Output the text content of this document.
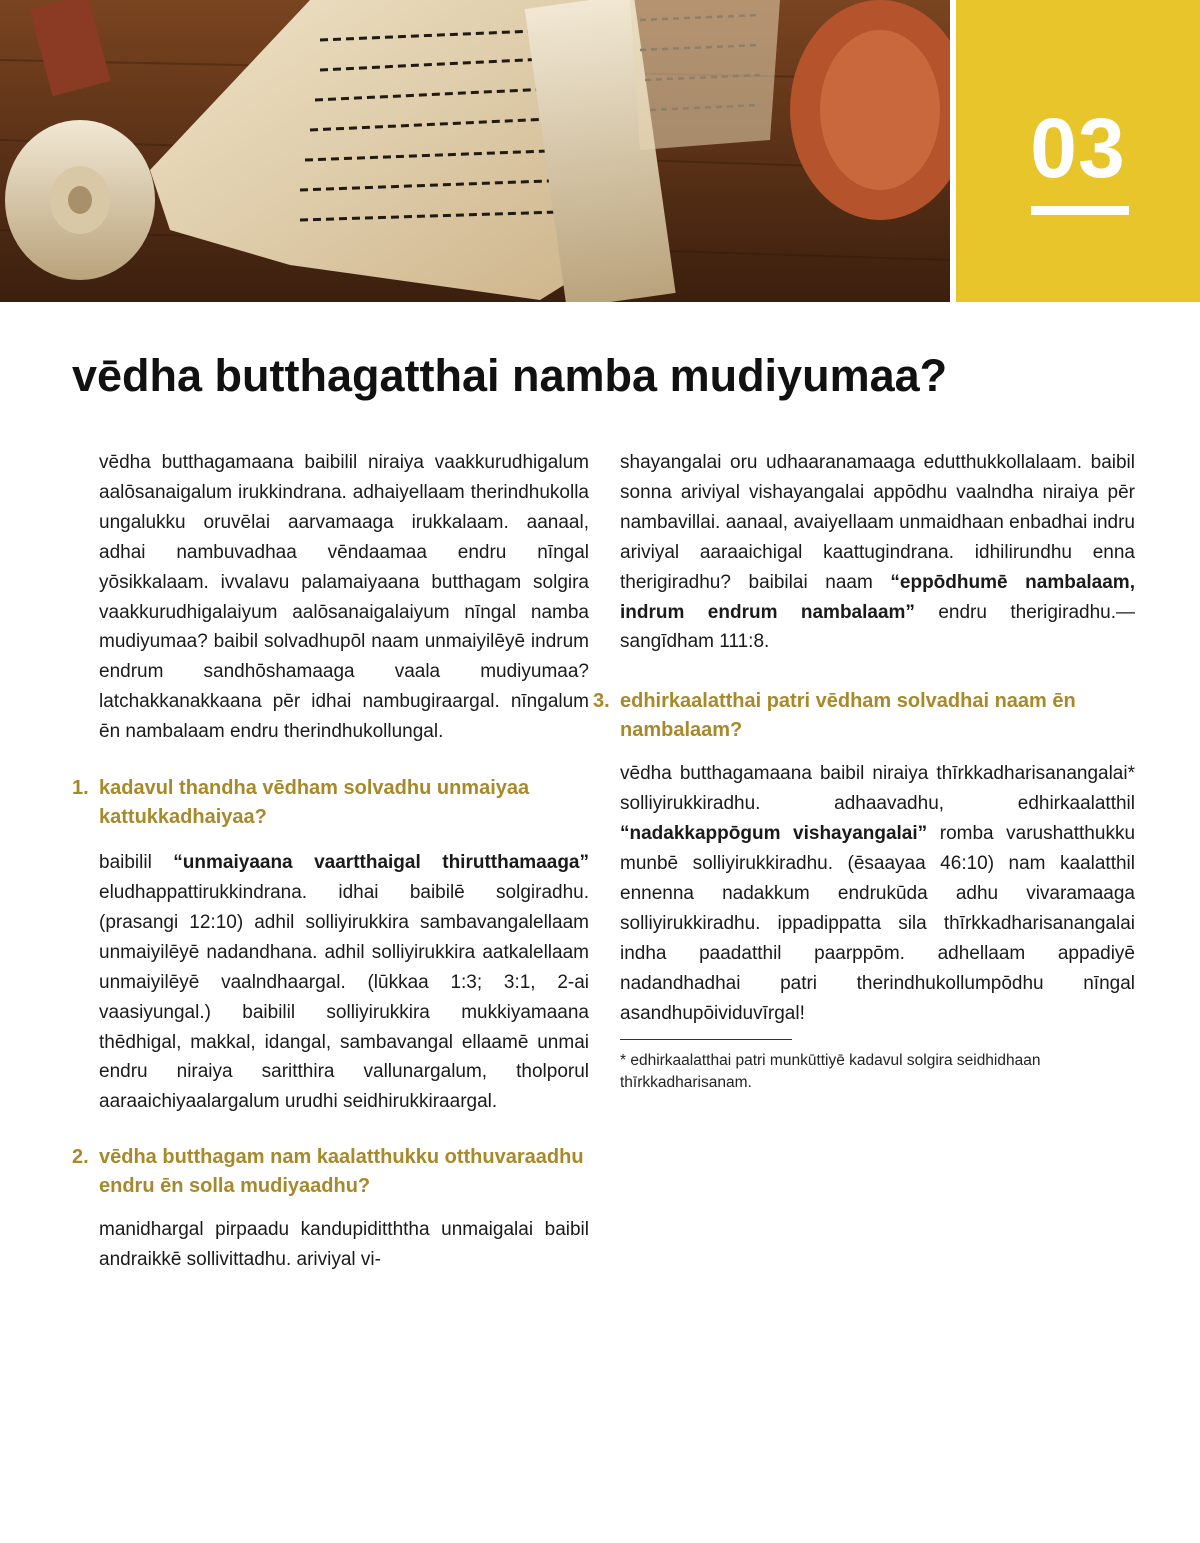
03
vēdha butthagatthai namba mudiyumaa?

vēdha butthagamaana baibilil niraiya vaakkurudhigalum aalōsanaigalum irukkindrana. adhaiyellaam therindhukolla ungalukku oruvēlai aarvamaaga irukkalaam. aanaal, adhai nambuvadhaa vēndaamaa endru nīngal yōsikkalaam. ivvalavu palamaiyaana butthagam solgira vaakkurudhigalaiyum aalōsanaigalaiyum nīngal namba mudiyumaa? baibil solvadhupōl naam unmaiyilēyē indrum endrum sandhōshamaaga vaala mudiyumaa? latchakkanakkaana pēr idhai nambugiraargal. nīngalum ēn nambalaam endru therindhukollungal.

1. kadavul thandha vēdham solvadhu unmaiyaa kattukkadhaiyaa?

baibilil “unmaiyaana vaartthaigal thirutthamaaga” eludhappattirukkindrana. idhai baibilē solgiradhu. (prasangi 12:10) adhil solliyirukkira sambavangalellaam unmaiyilēyē nadandhana. adhil solliyirukkira aatkalellaam unmaiyilēyē vaalndhaargal. (lūkkaa 1:3; 3:1, 2-ai vaasiyungal.) baibilil solliyirukkira mukkiyamaana thēdhigal, makkal, idangal, sambavangal ellaamē unmai endru niraiya saritthira vallunargalum, tholporul aaraaichiyaalargalum urudhi seidhirukkiraargal.

2. vēdha butthagam nam kaalatthukku otthuvaraadhu endru ēn solla mudiyaadhu?

manidhargal pirpaadu kandupiditththa unmaigalai baibil andraikkē sollivittadhu. ariviyal vi-

shayangalai oru udhaaranamaaga edutthukkollalaam. baibil sonna ariviyal vishayangalai appōdhu vaalndha niraiya pēr nambavillai. aanaal, avaiyellaam unmaidhaan enbadhai indru ariviyal aaraaichigal kaattugindrana. idhilirundhu enna therigiradhu? baibilai naam “eppōdhumē nambalaam, indrum endrum nambalaam” endru therigiradhu.—sangīdham 111:8.

3. edhirkaalatthai patri vēdham solvadhai naam ēn nambalaam?

vēdha butthagamaana baibil niraiya thīrkkadharisanangalai* solliyirukkiradhu. adhaavadhu, edhirkaalatthil “nadakkappōgum vishayangalai” romba varushatthukku munbē solliyirukkiradhu. (ēsaayaa 46:10) nam kaalatthil ennenna nadakkum endrukūda adhu vivaramaaga solliyirukkiradhu. ippadippatta sila thīrkkadharisanangalai indha paadatthil paarppōm. adhellaam appadiyē nadandhadhai patri therindhukollumpōdhu nīngal asandhupōividuvīrgal!

* edhirkaalatthai patri munkūttiyē kadavul solgira seidhidhaan thīrkkadharisanam.
